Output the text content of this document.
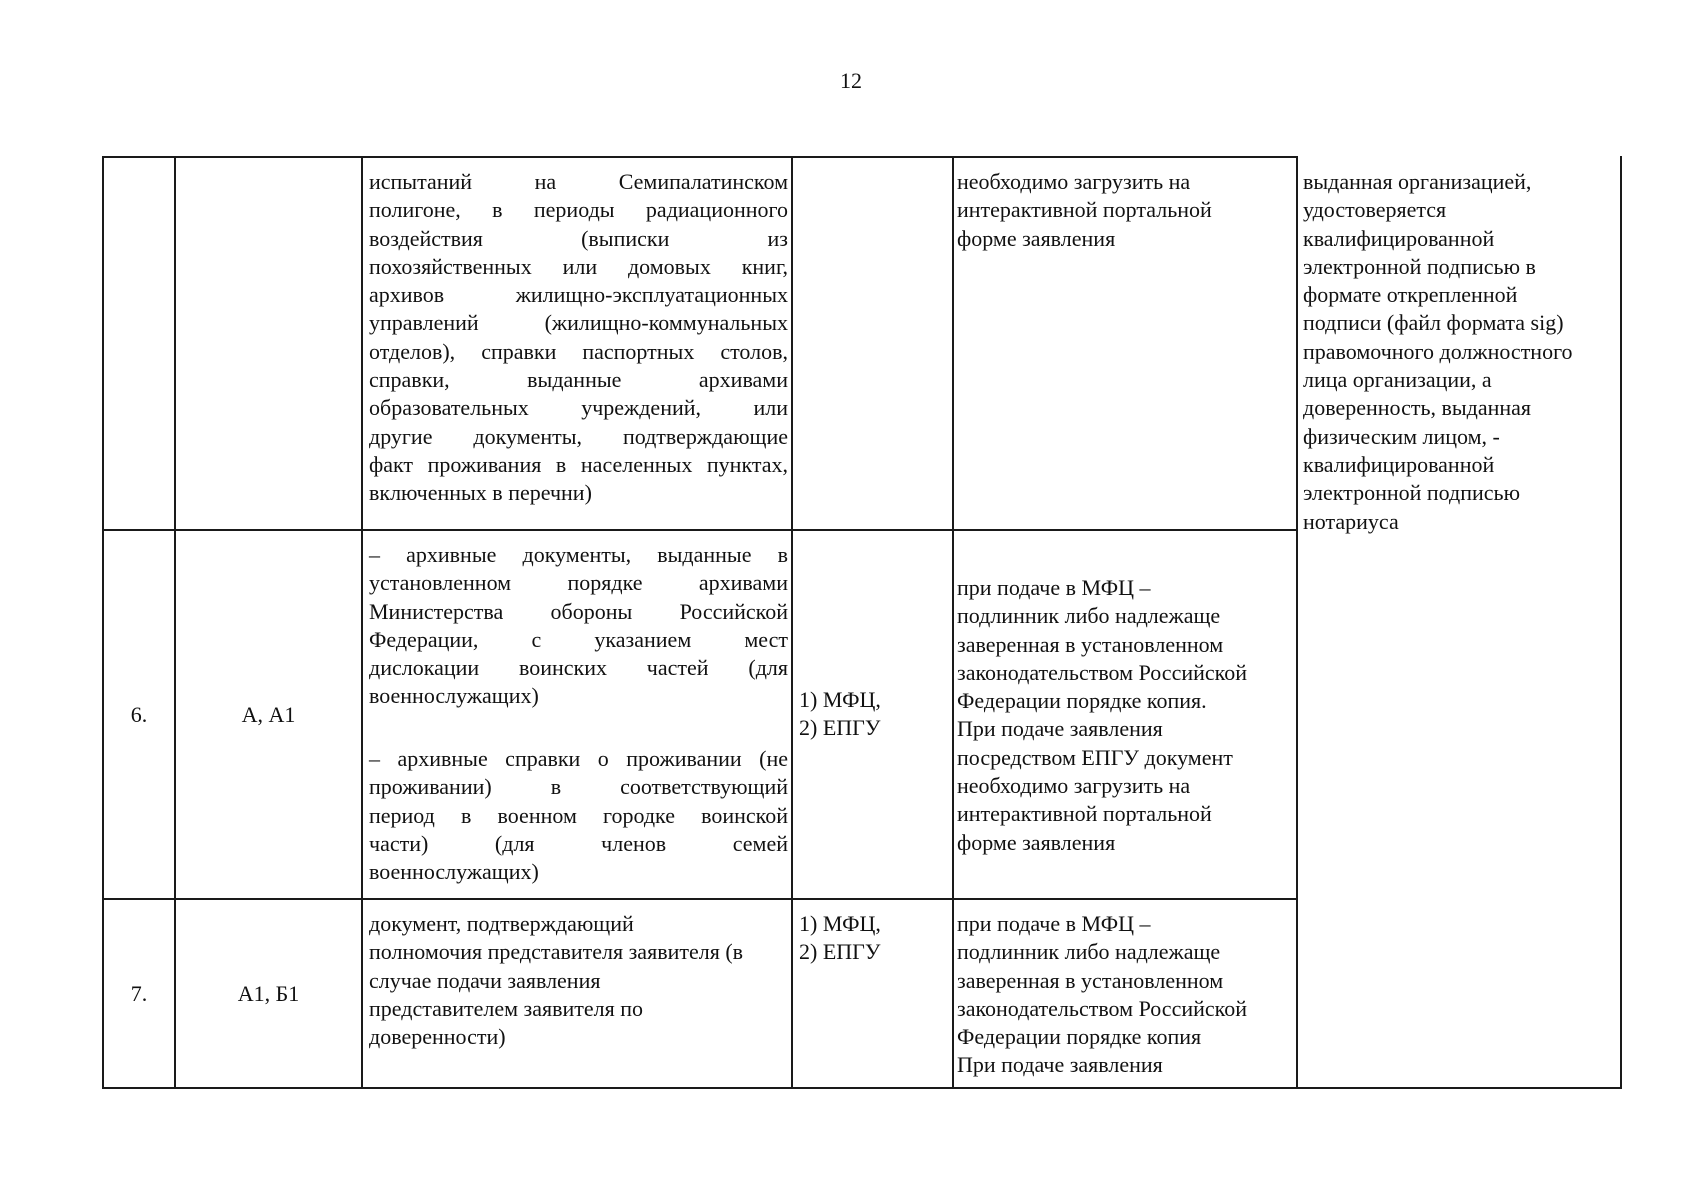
12
испытаний на Семипалатинском
полигоне, в периоды радиационного
воздействия (выписки из
похозяйственных или домовых книг,
архивов жилищно-эксплуатационных
управлений (жилищно-коммунальных
отделов), справки паспортных столов,
справки, выданные архивами
образовательных учреждений, или
другие документы, подтверждающие
факт проживания в населенных пунктах,
включенных в перечни)
необходимо загрузить на
интерактивной портальной
форме заявления
выданная организацией,
удостоверяется
квалифицированной
электронной подписью в
формате открепленной
подписи (файл формата sig)
правомочного должностного
лица организации, а
доверенность, выданная
физическим лицом, -
квалифицированной
электронной подписью
нотариуса
6.	А, А1
– архивные документы, выданные в
установленном порядке архивами
Министерства обороны Российской
Федерации, с указанием мест
дислокации воинских частей (для
военнослужащих)
– архивные справки о проживании (не
проживании) в соответствующий
период в военном городке воинской
части) (для членов семей
военнослужащих)
1) МФЦ,
2) ЕПГУ
при подаче в МФЦ –
подлинник либо надлежаще
заверенная в установленном
законодательством Российской
Федерации порядке копия.
При подаче заявления
посредством ЕПГУ документ
необходимо загрузить на
интерактивной портальной
форме заявления
7.	А1, Б1
документ, подтверждающий
полномочия представителя заявителя (в
случае подачи заявления
представителем заявителя по
доверенности)
1) МФЦ,
2) ЕПГУ
при подаче в МФЦ –
подлинник либо надлежаще
заверенная в установленном
законодательством Российской
Федерации порядке копия
При подаче заявления
